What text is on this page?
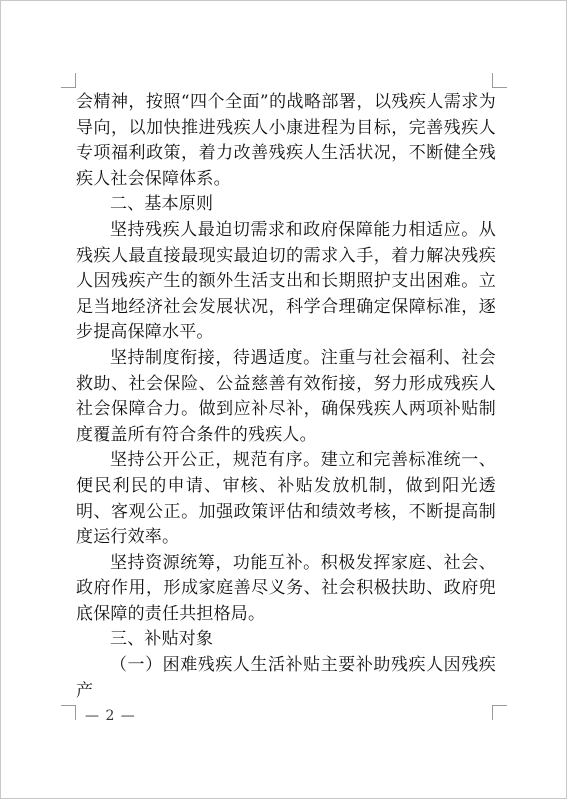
会精神，按照“四个全面”的战略部署，以残疾人需求为导向，以加快推进残疾人小康进程为目标，完善残疾人专项福利政策，着力改善残疾人生活状况，不断健全残疾人社会保障体系。

二、基本原则

坚持残疾人最迫切需求和政府保障能力相适应。从残疾人最直接最现实最迫切的需求入手，着力解决残疾人因残疾产生的额外生活支出和长期照护支出困难。立足当地经济社会发展状况，科学合理确定保障标准，逐步提高保障水平。

坚持制度衔接，待遇适度。注重与社会福利、社会救助、社会保险、公益慈善有效衔接，努力形成残疾人社会保障合力。做到应补尽补，确保残疾人两项补贴制度覆盖所有符合条件的残疾人。

坚持公开公正，规范有序。建立和完善标准统一、便民利民的申请、审核、补贴发放机制，做到阳光透明、客观公正。加强政策评估和绩效考核，不断提高制度运行效率。

坚持资源统筹，功能互补。积极发挥家庭、社会、政府作用，形成家庭善尽义务、社会积极扶助、政府兜底保障的责任共担格局。

三、补贴对象

（一）困难残疾人生活补贴主要补助残疾人因残疾产

— 2 —
